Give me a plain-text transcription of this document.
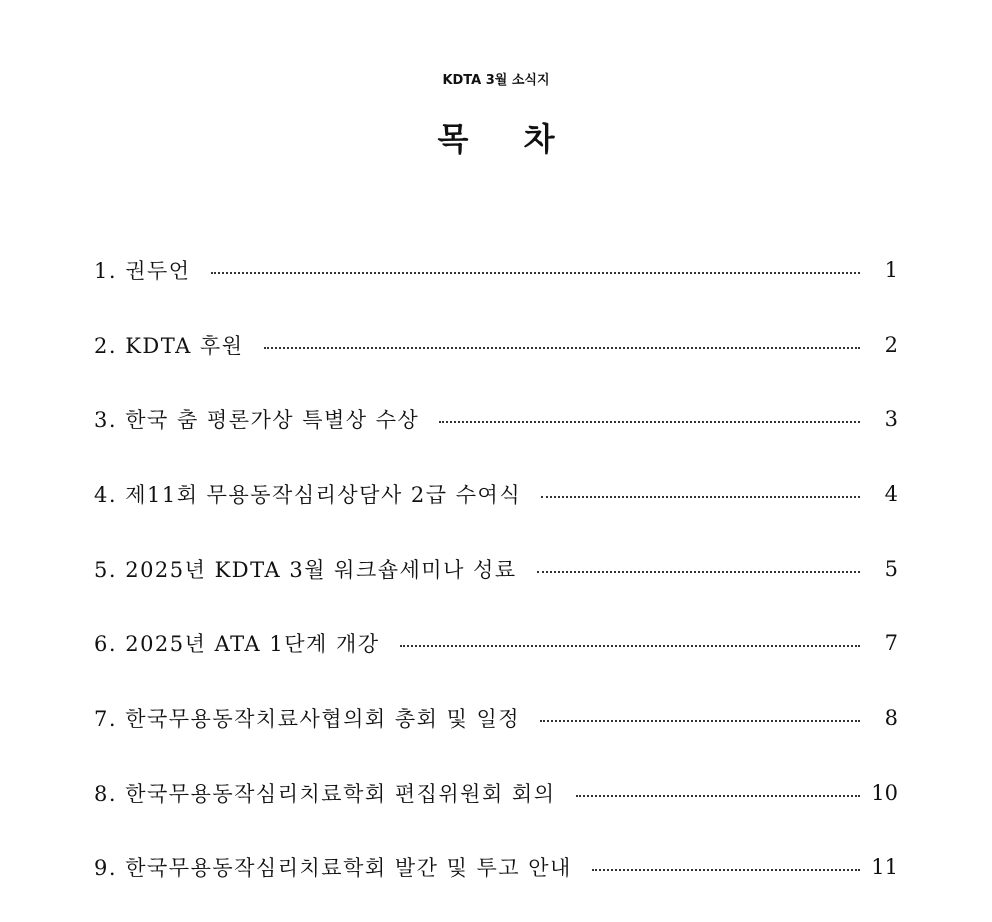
KDTA 3월 소식지
목 차
1. 권두언	1
2. KDTA 후원	2
3. 한국 춤 평론가상 특별상 수상	3
4. 제11회 무용동작심리상담사 2급 수여식	4
5. 2025년 KDTA 3월 워크숍세미나 성료	5
6. 2025년 ATA 1단계 개강	7
7. 한국무용동작치료사협의회 총회 및 일정	8
8. 한국무용동작심리치료학회 편집위원회 회의	10
9. 한국무용동작심리치료학회 발간 및 투고 안내	11
